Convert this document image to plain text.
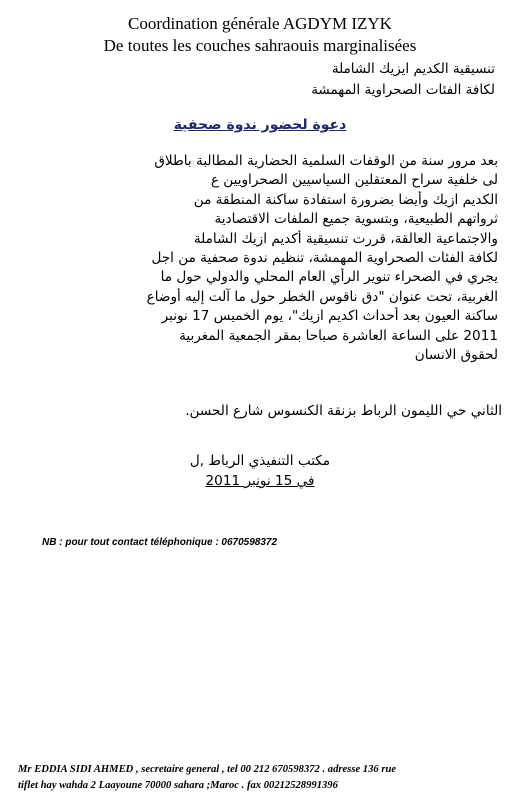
Coordination générale AGDYM IZYK
De toutes les couches sahraouis marginalisées
تنسيقية الكديم ايزيك الشاملة
لكافة الفئات الصحراوية المهمشة
دعوة لحضور ندوة صحفية
بعد مرور سنة من الوقفات السلمية الحضارية المطالبة باطلاق
لى خلفية سراح المعتقلين السياسيين الصحراويين ع
الكديم ازيك وأيضا بضرورة استفادة ساكنة المنطقة من
ثرواتهم الطبيعية، وبتسوية جميع الملفات الاقتصادية
والاجتماعية العالقة، قررت تنسيقية أكديم ازيك الشاملة
لكافة الفئات الصحراوية المهمشة، تنظيم ندوة صحفية من اجل
يجري في الصحراء تنوير الرأي العام المحلي والدولي حول ما
الغربية، تحت عنوان "دق ناقوس الخطر حول ما آلت إليه أوضاع
ساكنة العيون بعد أحداث اكديم ازيك"، يوم الخميس 17 نونبر
2011 على الساعة العاشرة صباحا بمقر الجمعية المغربية
لحقوق الانسان
الثاني حي الليمون الرباط بزنقة الكنسوس شارع الحسن.
مكتب التنفيذي الرباط ,ل
في 15 نونبر 2011
NB : pour tout contact téléphonique : 0670598372
Mr EDDIA SIDI AHMED , secretaire general , tel 00 212 670598372 . adresse 136 rue
tiflet hay wahda 2 Laayoune 70000 sahara ;Maroc . fax 00212528991396
